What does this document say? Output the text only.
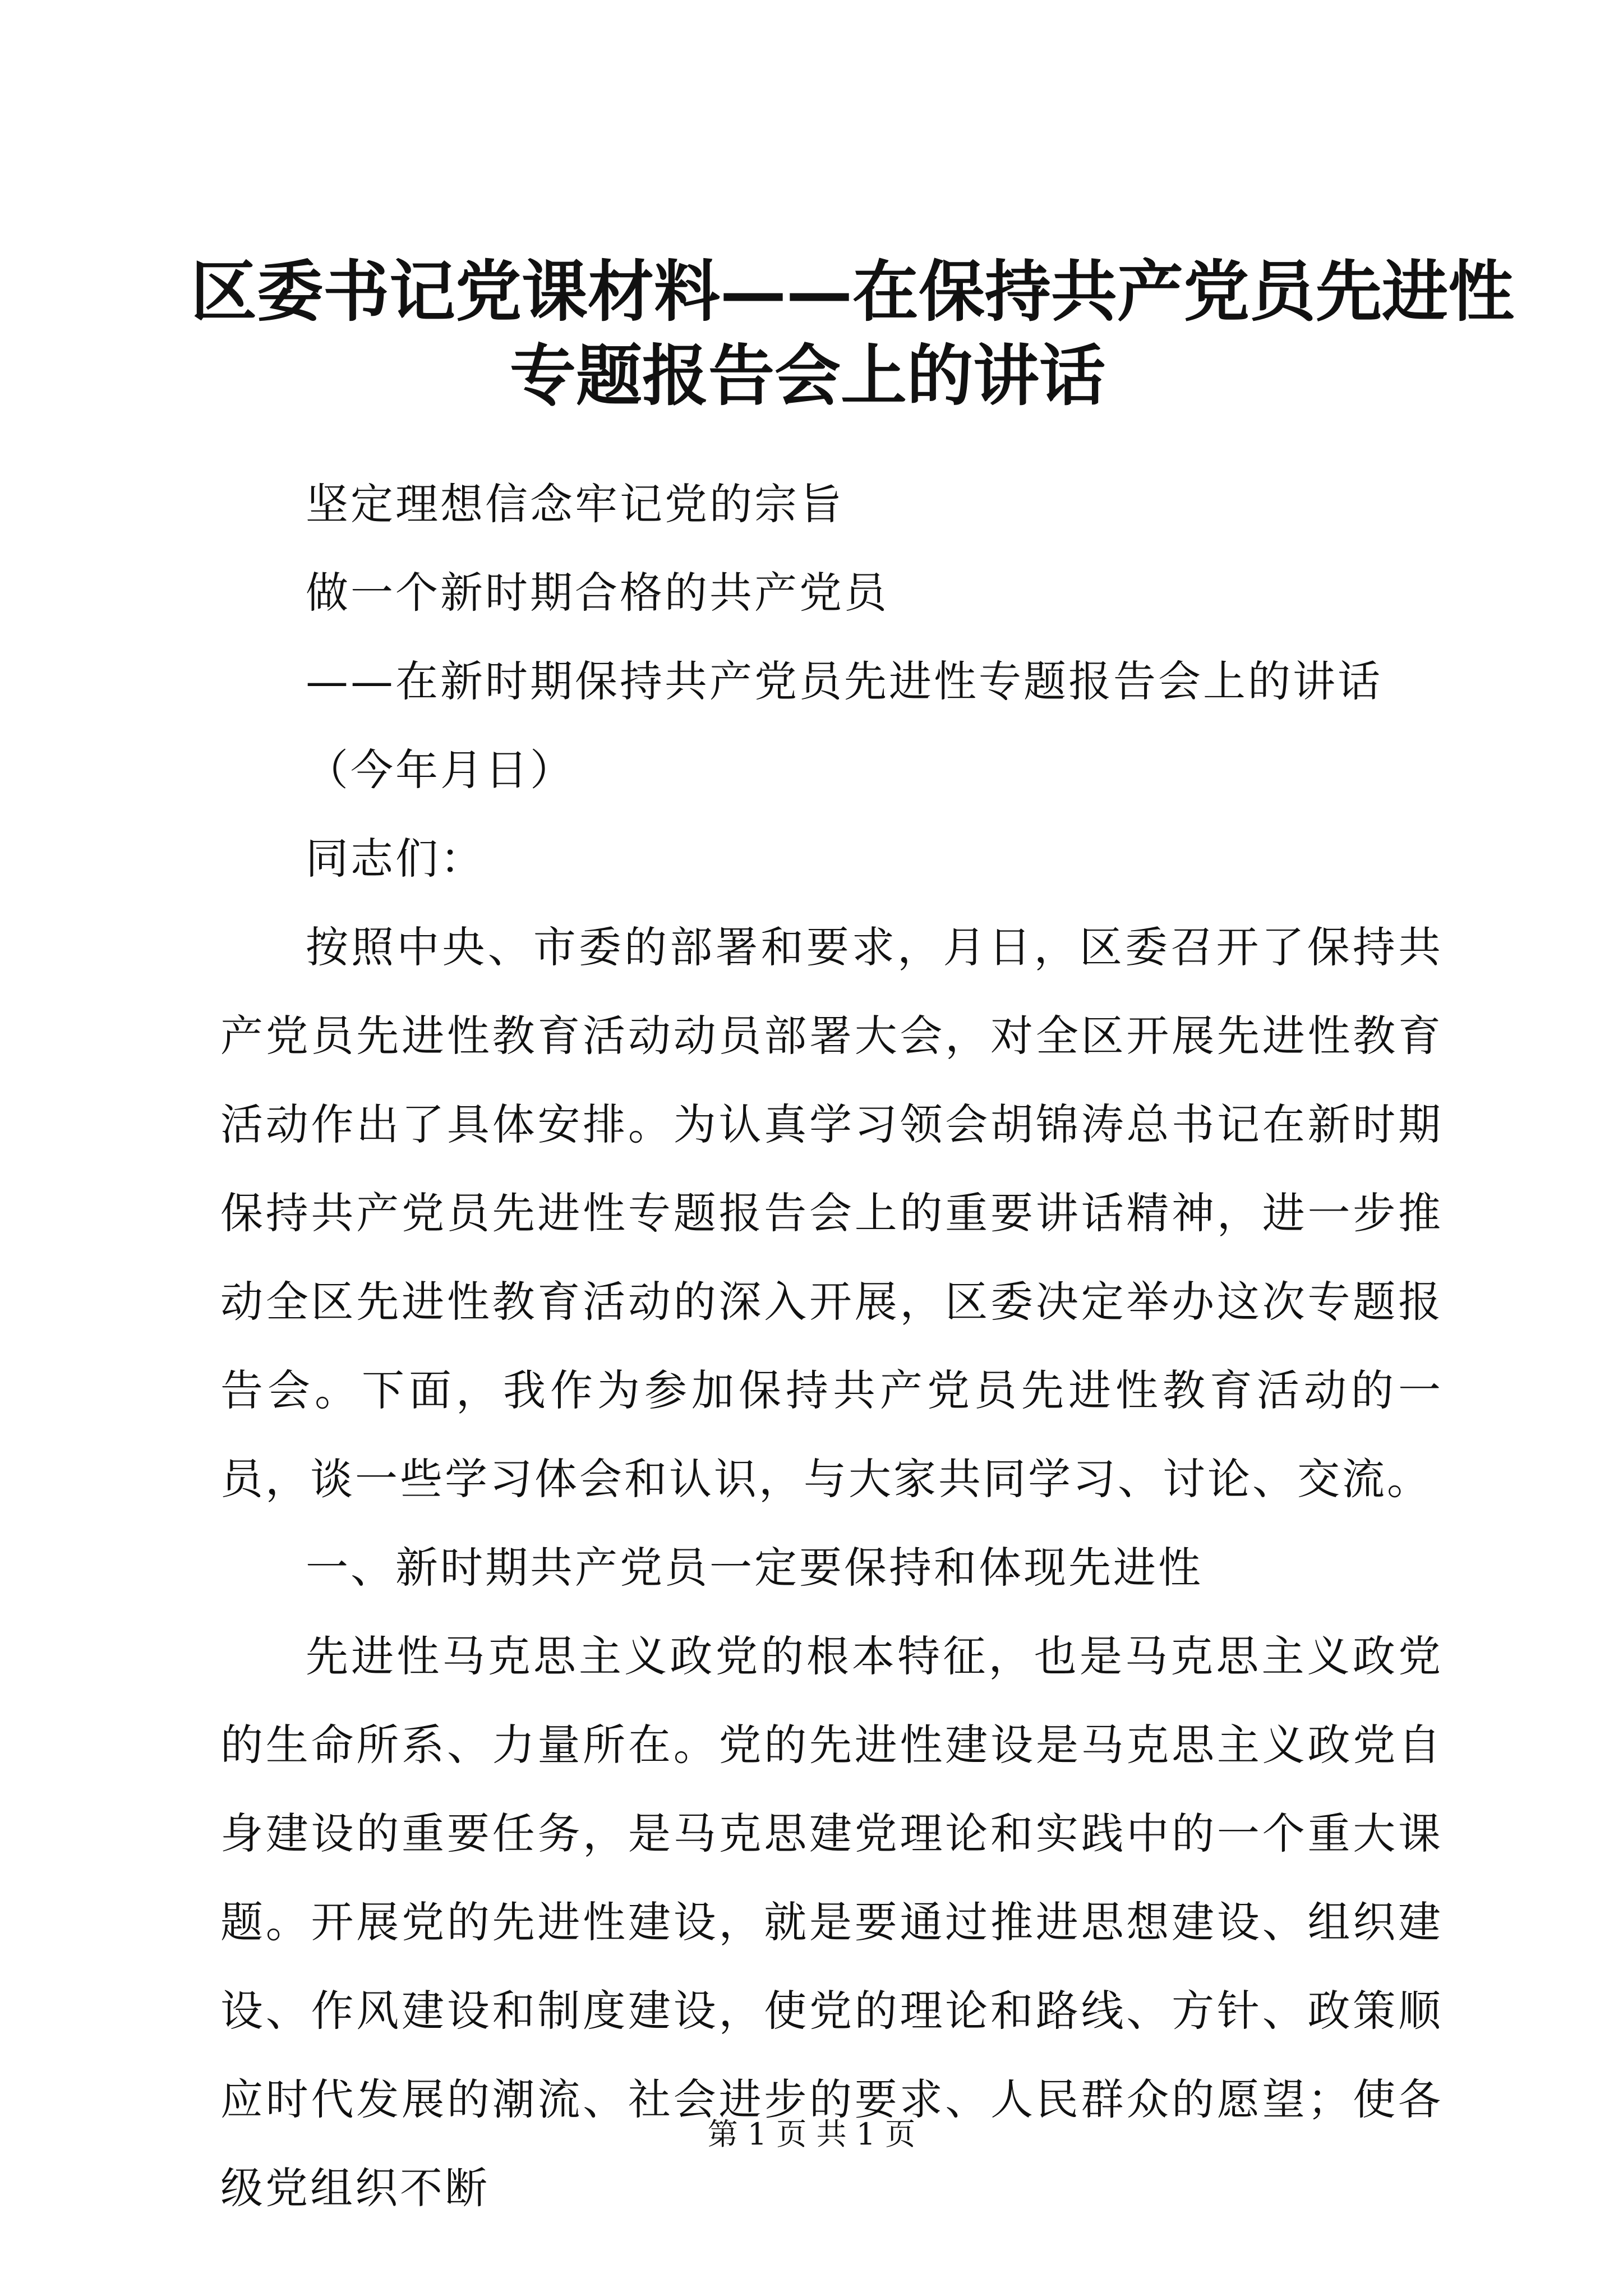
区委书记党课材料——在保持共产党员先进性
专题报告会上的讲话

坚定理想信念牢记党的宗旨

做一个新时期合格的共产党员

——在新时期保持共产党员先进性专题报告会上的讲话

（今年月日）

同志们：

按照中央、市委的部署和要求，月日，区委召开了保持共产党员先进性教育活动动员部署大会，对全区开展先进性教育活动作出了具体安排。为认真学习领会胡锦涛总书记在新时期保持共产党员先进性专题报告会上的重要讲话精神，进一步推动全区先进性教育活动的深入开展，区委决定举办这次专题报告会。下面，我作为参加保持共产党员先进性教育活动的一员，谈一些学习体会和认识，与大家共同学习、讨论、交流。

一、新时期共产党员一定要保持和体现先进性

先进性马克思主义政党的根本特征，也是马克思主义政党的生命所系、力量所在。党的先进性建设是马克思主义政党自身建设的重要任务，是马克思建党理论和实践中的一个重大课题。开展党的先进性建设，就是要通过推进思想建设、组织建设、作风建设和制度建设，使党的理论和路线、方针、政策顺应时代发展的潮流、社会进步的要求、人民群众的愿望；使各级党组织不断

第 1 页 共 1 页
